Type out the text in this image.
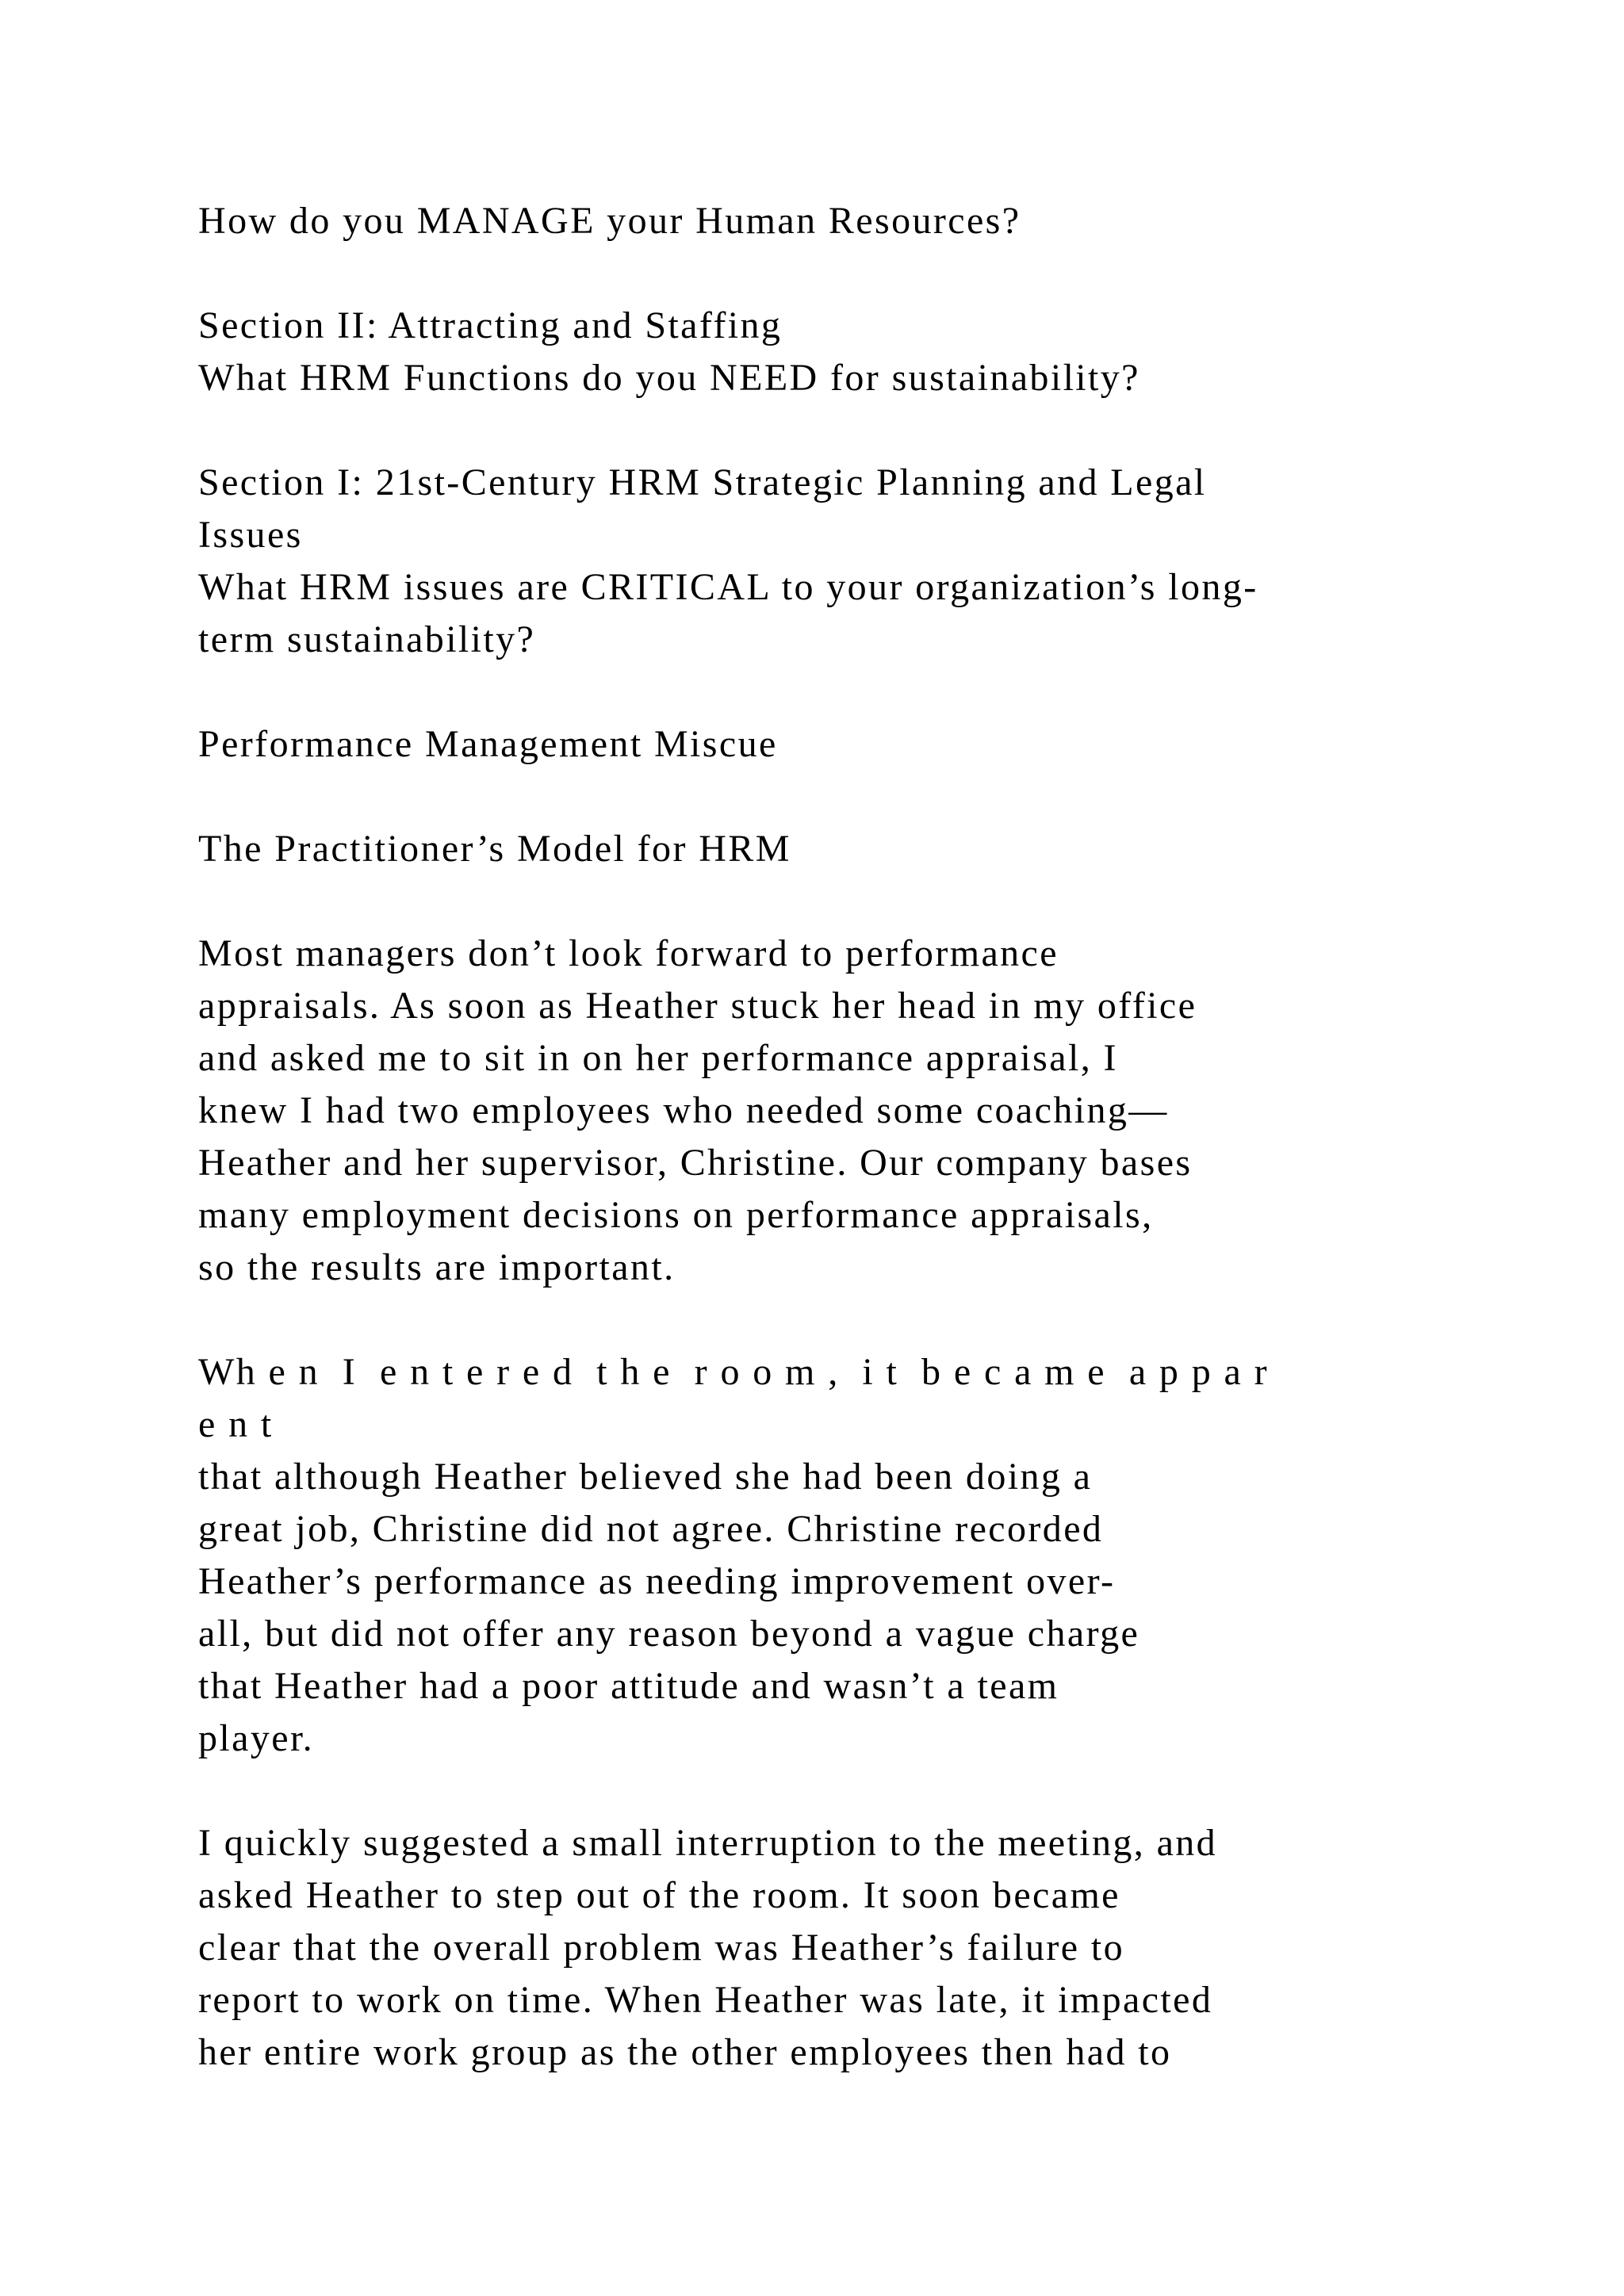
How do you MANAGE your Human Resources?
Section II: Attracting and Staffing
What HRM Functions do you NEED for sustainability?
Section I: 21st-Century HRM Strategic Planning and Legal
Issues
What HRM issues are CRITICAL to your organization’s long-
term sustainability?
Performance Management Miscue
The Practitioner’s Model for HRM
Most managers don’t look forward to performance
appraisals. As soon as Heather stuck her head in my office
and asked me to sit in on her performance appraisal, I
knew I had two employees who needed some coaching—
Heather and her supervisor, Christine. Our company bases
many employment decisions on performance appraisals,
so the results are important.
Wh e n  I  e n t e r e d  t h e  r o o m ,  i t  b e c a m e  a p p a r
e n t
that although Heather believed she had been doing a
great job, Christine did not agree. Christine recorded
Heather’s performance as needing improvement over-
all, but did not offer any reason beyond a vague charge
that Heather had a poor attitude and wasn’t a team
player.
I quickly suggested a small interruption to the meeting, and
asked Heather to step out of the room. It soon became
clear that the overall problem was Heather’s failure to
report to work on time. When Heather was late, it impacted
her entire work group as the other employees then had to
